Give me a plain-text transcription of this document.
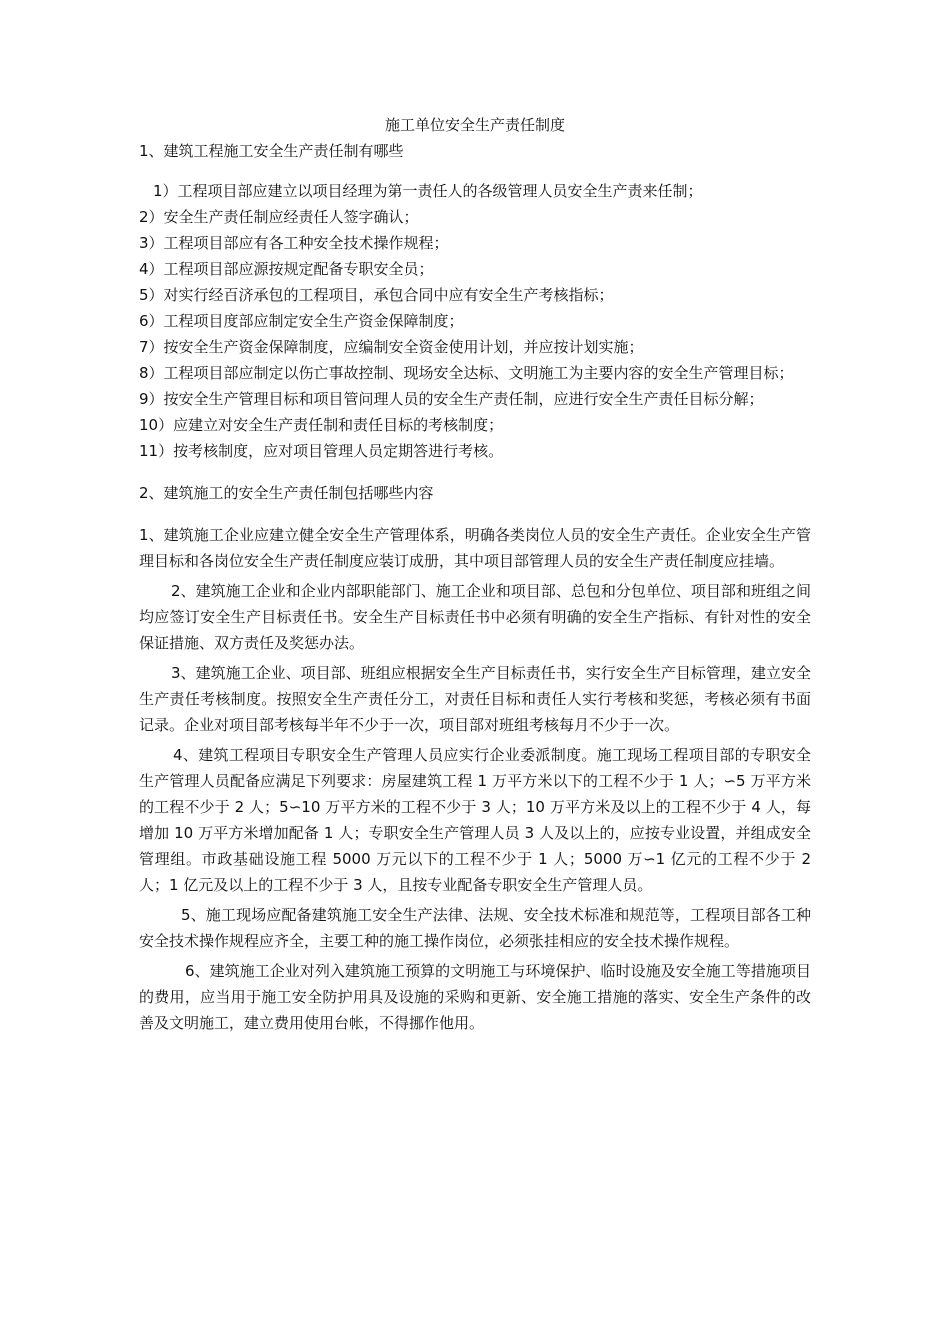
施工单位安全生产责任制度
1、建筑工程施工安全生产责任制有哪些

1）工程项目部应建立以项目经理为第一责任人的各级管理人员安全生产责来任制；

2）安全生产责任制应经责任人签字确认；

3）工程项目部应有各工种安全技术操作规程；

4）工程项目部应源按规定配备专职安全员；

5）对实行经百济承包的工程项目，承包合同中应有安全生产考核指标；

6）工程项目度部应制定安全生产资金保障制度；

7）按安全生产资金保障制度，应编制安全资金使用计划，并应按计划实施；

8）工程项目部应制定以伤亡事故控制、现场安全达标、文明施工为主要内容的安全生产管理目标；

9）按安全生产管理目标和项目管问理人员的安全生产责任制，应进行安全生产责任目标分解；

10）应建立对安全生产责任制和责任目标的考核制度；

11）按考核制度，应对项目管理人员定期答进行考核。

2、建筑施工的安全生产责任制包括哪些内容

1、建筑施工企业应建立健全安全生产管理体系，明确各类岗位人员的安全生产责任。企业安全生产管理目标和各岗位安全生产责任制度应装订成册，其中项目部管理人员的安全生产责任制度应挂墙。

2、建筑施工企业和企业内部职能部门、施工企业和项目部、总包和分包单位、项目部和班组之间均应签订安全生产目标责任书。安全生产目标责任书中必须有明确的安全生产指标、有针对性的安全保证措施、双方责任及奖惩办法。

3、建筑施工企业、项目部、班组应根据安全生产目标责任书，实行安全生产目标管理，建立安全生产责任考核制度。按照安全生产责任分工，对责任目标和责任人实行考核和奖惩，考核必须有书面记录。企业对项目部考核每半年不少于一次，项目部对班组考核每月不少于一次。

4、建筑工程项目专职安全生产管理人员应实行企业委派制度。施工现场工程项目部的专职安全生产管理人员配备应满足下列要求：房屋建筑工程 1 万平方米以下的工程不少于 1 人；∽5 万平方米的工程不少于 2 人；5∽10 万平方米的工程不少于 3 人；10 万平方米及以上的工程不少于 4 人，每增加 10 万平方米增加配备 1 人；专职安全生产管理人员 3 人及以上的，应按专业设置，并组成安全管理组。市政基础设施工程 5000 万元以下的工程不少于 1 人；5000 万∽1 亿元的工程不少于 2 人；1 亿元及以上的工程不少于 3 人，且按专业配备专职安全生产管理人员。

5、施工现场应配备建筑施工安全生产法律、法规、安全技术标准和规范等，工程项目部各工种安全技术操作规程应齐全，主要工种的施工操作岗位，必须张挂相应的安全技术操作规程。

6、建筑施工企业对列入建筑施工预算的文明施工与环境保护、临时设施及安全施工等措施项目的费用，应当用于施工安全防护用具及设施的采购和更新、安全施工措施的落实、安全生产条件的改善及文明施工，建立费用使用台帐，不得挪作他用。
